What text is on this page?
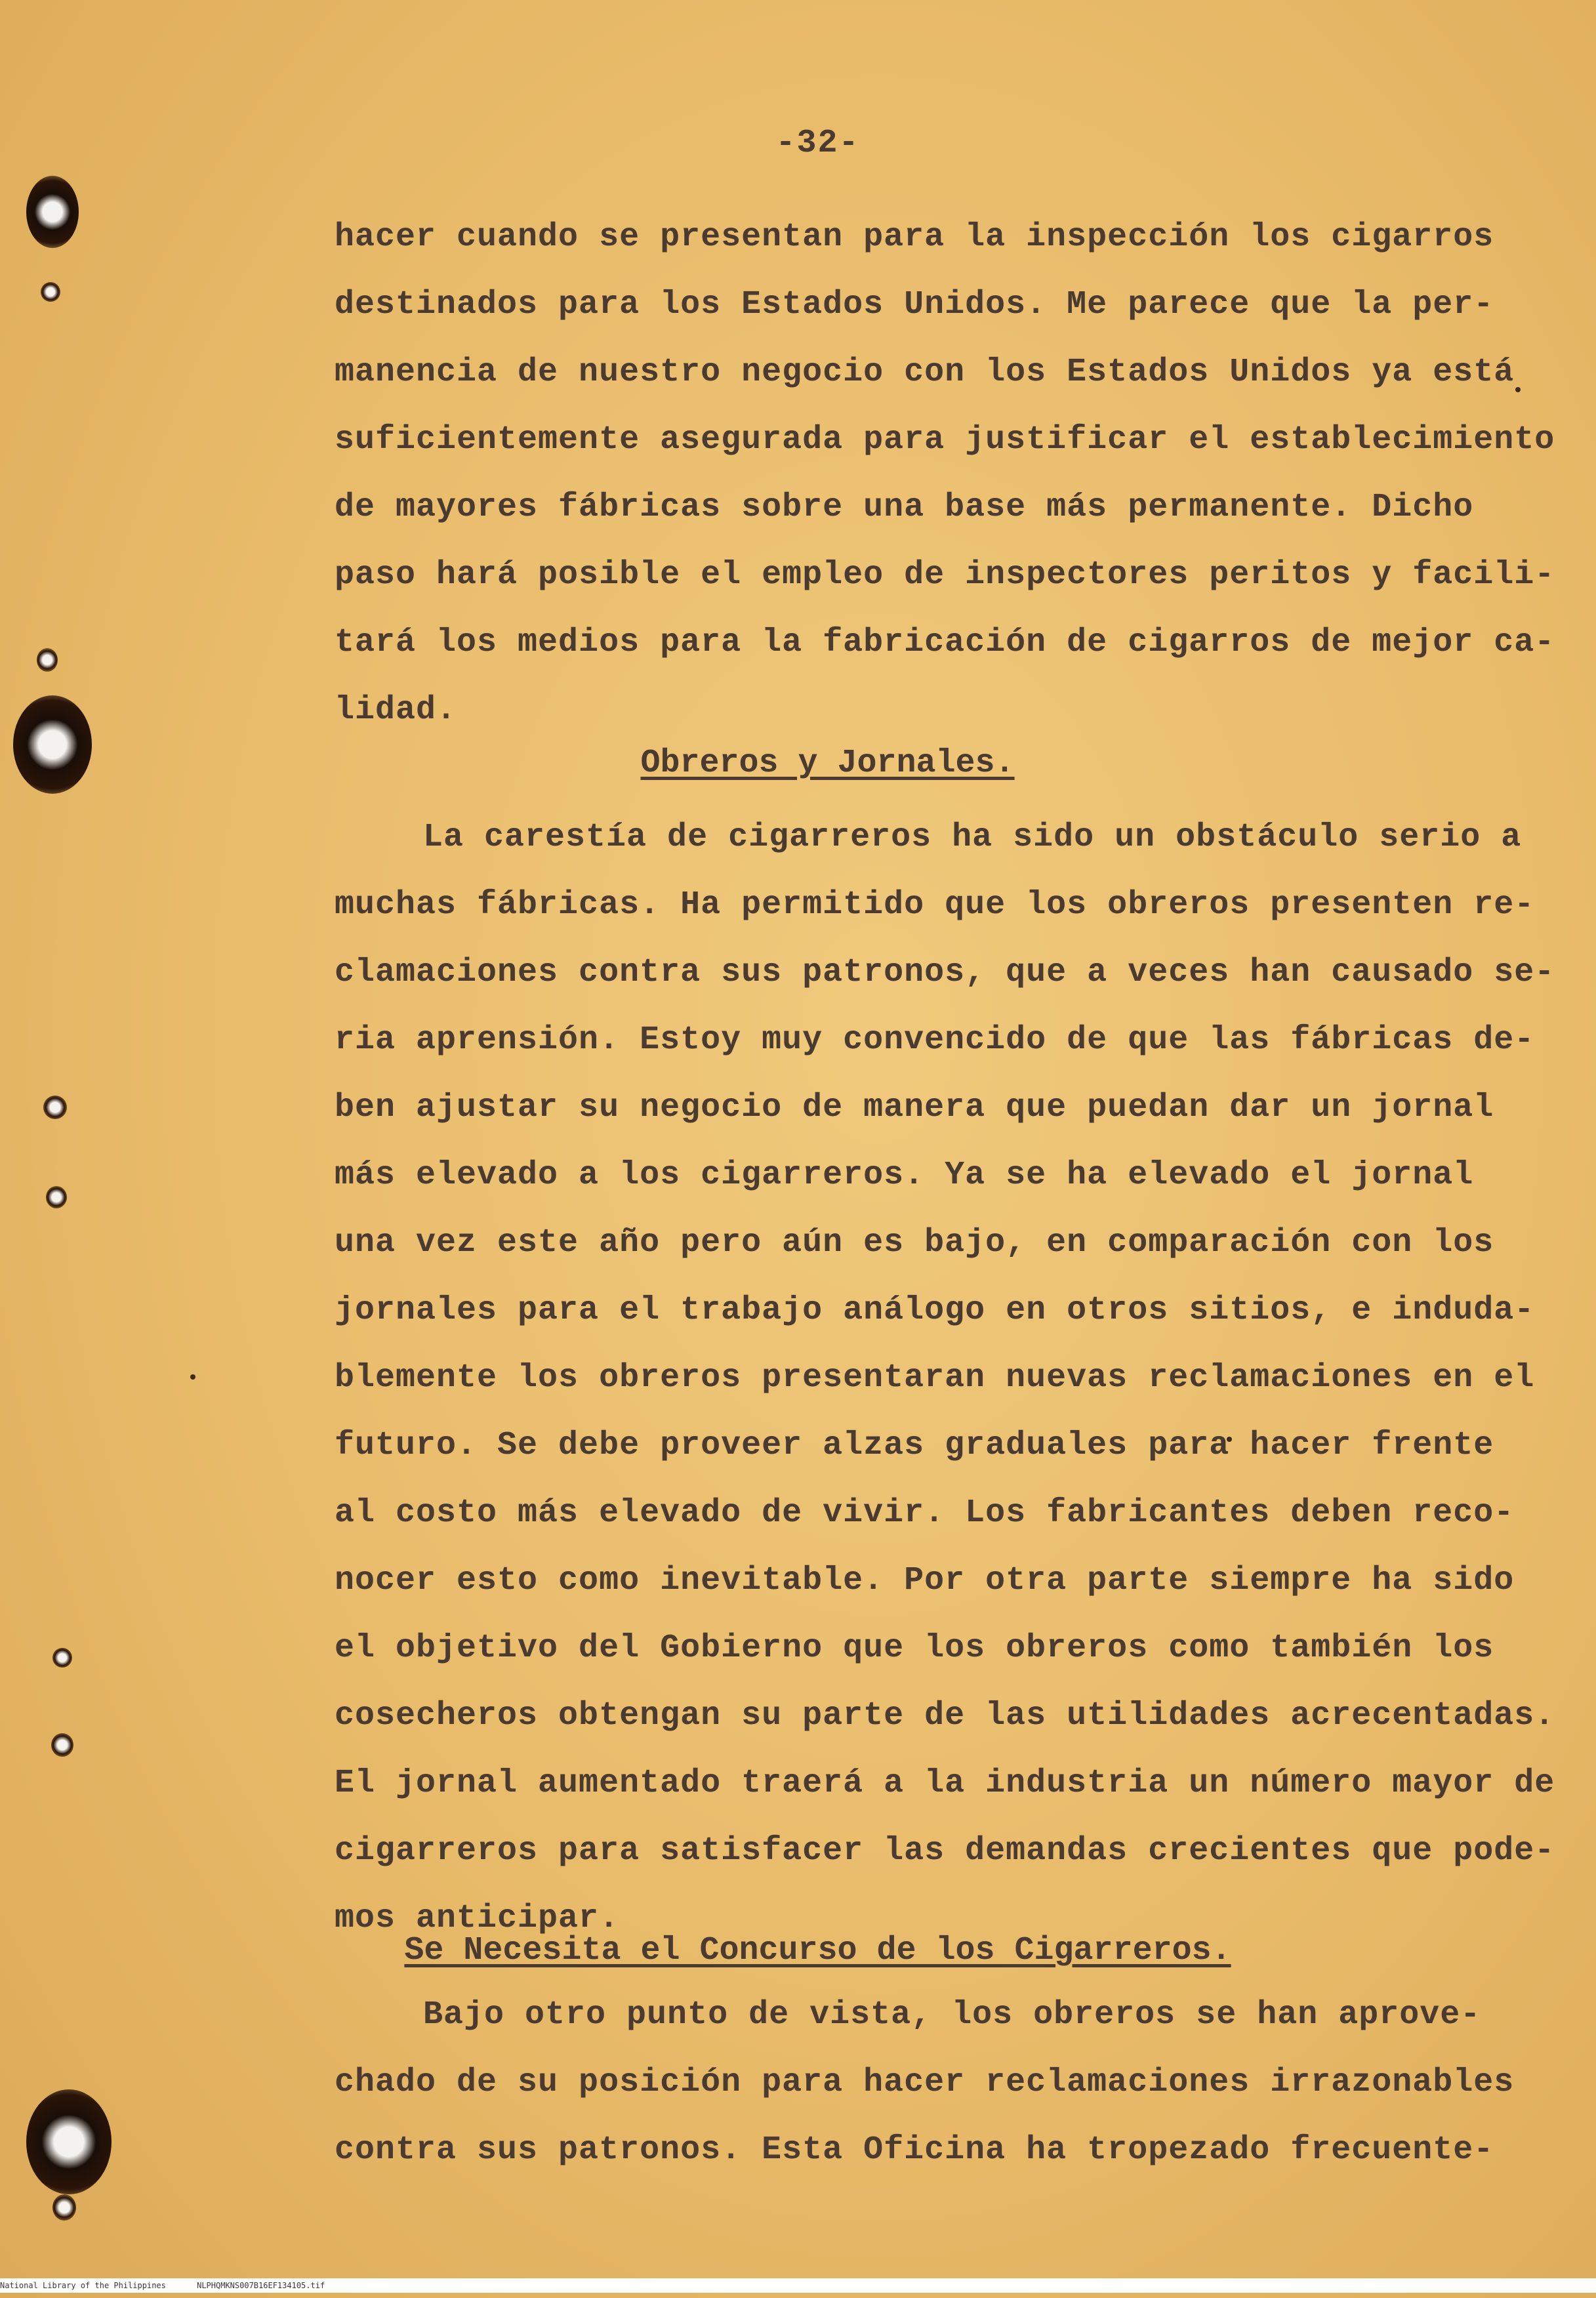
-32-
hacer cuando se presentan para la inspección los cigarros
destinados para los Estados Unidos. Me parece que la per-
manencia de nuestro negocio con los Estados Unidos ya está
suficientemente asegurada para justificar el establecimiento
de mayores fábricas sobre una base más permanente. Dicho
paso hará posible el empleo de inspectores peritos y facili-
tará los medios para la fabricación de cigarros de mejor ca-
lidad.
Obreros y Jornales.
La carestía de cigarreros ha sido un obstáculo serio a
muchas fábricas. Ha permitido que los obreros presenten re-
clamaciones contra sus patronos, que a veces han causado se-
ria aprensión. Estoy muy convencido de que las fábricas de-
ben ajustar su negocio de manera que puedan dar un jornal
más elevado a los cigarreros. Ya se ha elevado el jornal
una vez este año pero aún es bajo, en comparación con los
jornales para el trabajo análogo en otros sitios, e induda-
blemente los obreros presentaran nuevas reclamaciones en el
futuro. Se debe proveer alzas graduales para hacer frente
al costo más elevado de vivir. Los fabricantes deben reco-
nocer esto como inevitable. Por otra parte siempre ha sido
el objetivo del Gobierno que los obreros como también los
cosecheros obtengan su parte de las utilidades acrecentadas.
El jornal aumentado traerá a la industria un número mayor de
cigarreros para satisfacer las demandas crecientes que pode-
mos anticipar.
Se Necesita el Concurso de los Cigarreros.
Bajo otro punto de vista, los obreros se han aprove-
chado de su posición para hacer reclamaciones irrazonables
contra sus patronos. Esta Oficina ha tropezado frecuente-
National Library of the Philippines	NLPHQMKNS007B16EF134105.tif
